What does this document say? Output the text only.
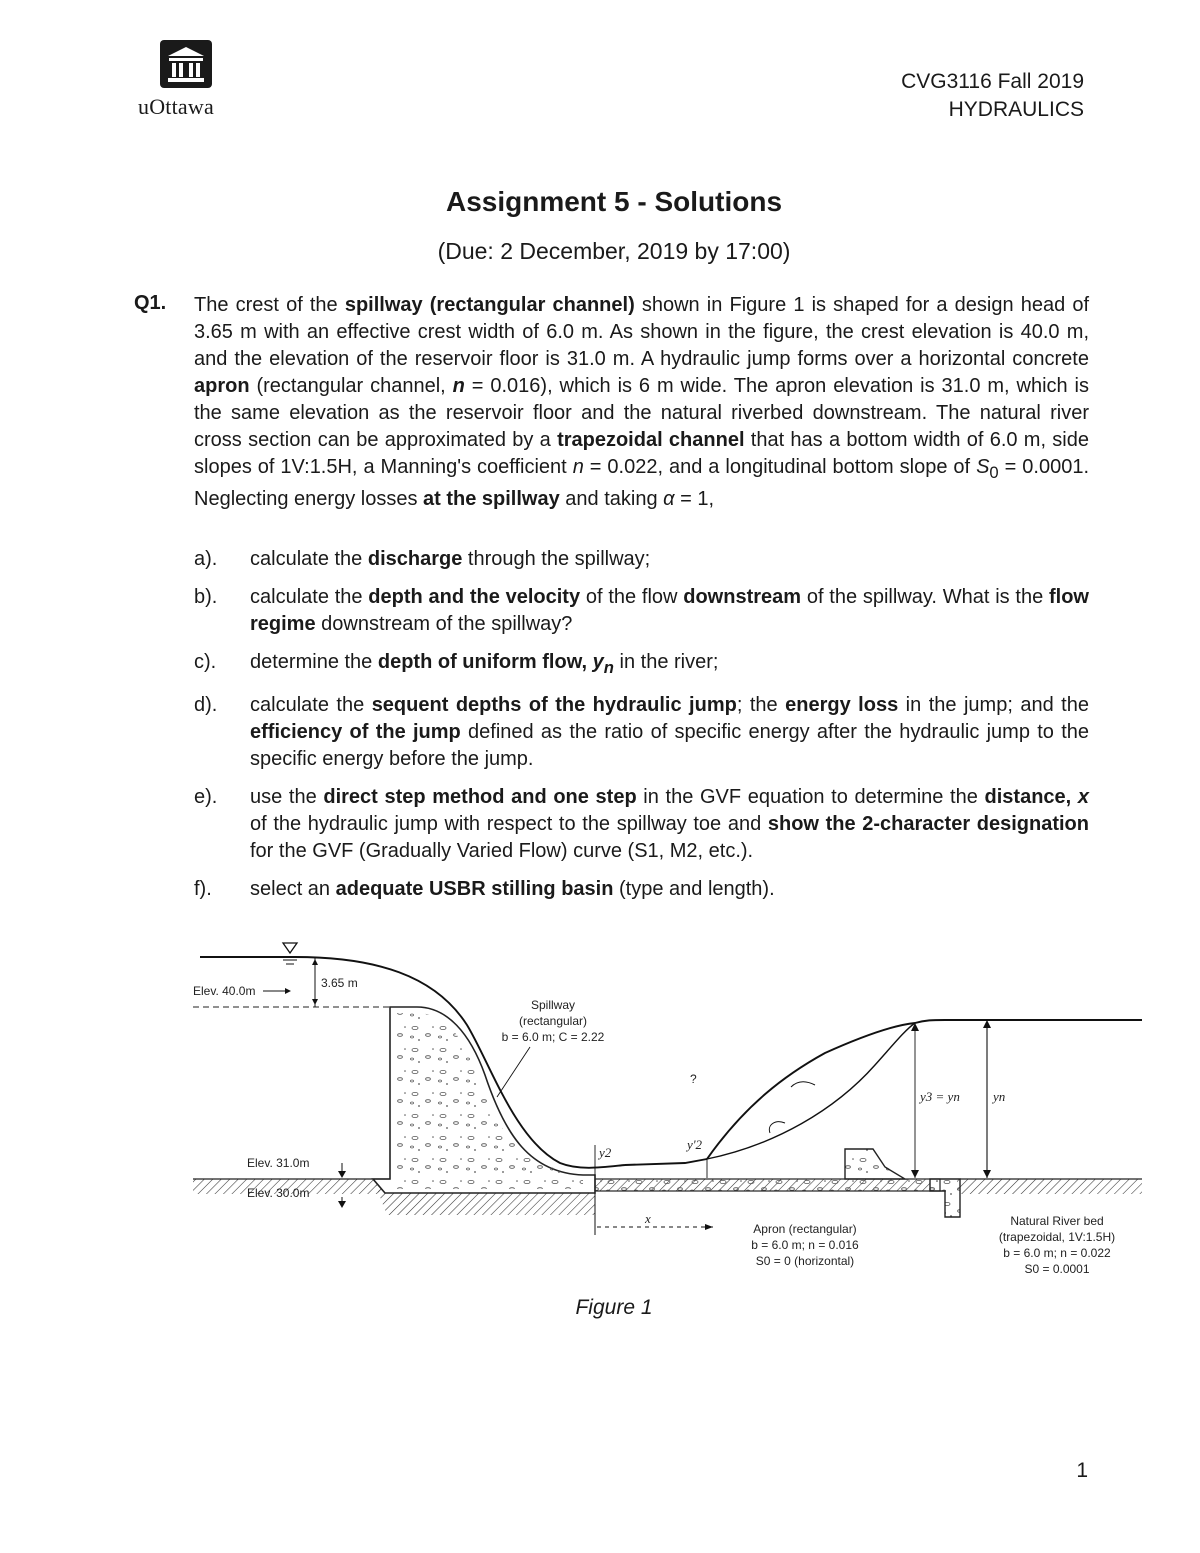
uOttawa
CVG3116 Fall 2019
HYDRAULICS
Assignment 5 - Solutions
(Due: 2 December, 2019 by 17:00)
Q1. The crest of the spillway (rectangular channel) shown in Figure 1 is shaped for a design head of 3.65 m with an effective crest width of 6.0 m. As shown in the figure, the crest elevation is 40.0 m, and the elevation of the reservoir floor is 31.0 m. A hydraulic jump forms over a horizontal concrete apron (rectangular channel, n = 0.016), which is 6 m wide. The apron elevation is 31.0 m, which is the same elevation as the reservoir floor and the natural riverbed downstream. The natural river cross section can be approximated by a trapezoidal channel that has a bottom width of 6.0 m, side slopes of 1V:1.5H, a Manning's coefficient n = 0.022, and a longitudinal bottom slope of $S_0 = 0.0001$. Neglecting energy losses at the spillway and taking α = 1,
a). calculate the discharge through the spillway;
b). calculate the depth and the velocity of the flow downstream of the spillway. What is the flow regime downstream of the spillway?
c). determine the depth of uniform flow, $y_n$ in the river;
d). calculate the sequent depths of the hydraulic jump; the energy loss in the jump; and the efficiency of the jump defined as the ratio of specific energy after the hydraulic jump to the specific energy before the jump.
e). use the direct step method and one step in the GVF equation to determine the distance, x of the hydraulic jump with respect to the spillway toe and show the 2-character designation for the GVF (Gradually Varied Flow) curve (S1, M2, etc.).
f). select an adequate USBR stilling basin (type and length).
3.65 m
Elev. 40.0m
Elev. 31.0m
Elev. 30.0m
Spillway
(rectangular)
b = 6.0 m; C = 2.22
?
y2
y'2
y3 = yn	yn
x
Apron (rectangular)
b = 6.0 m; n = 0.016
S0 = 0 (horizontal)
Natural River bed
(trapezoidal, 1V:1.5H)
b = 6.0 m; n = 0.022
S0 = 0.0001
Figure 1
1
